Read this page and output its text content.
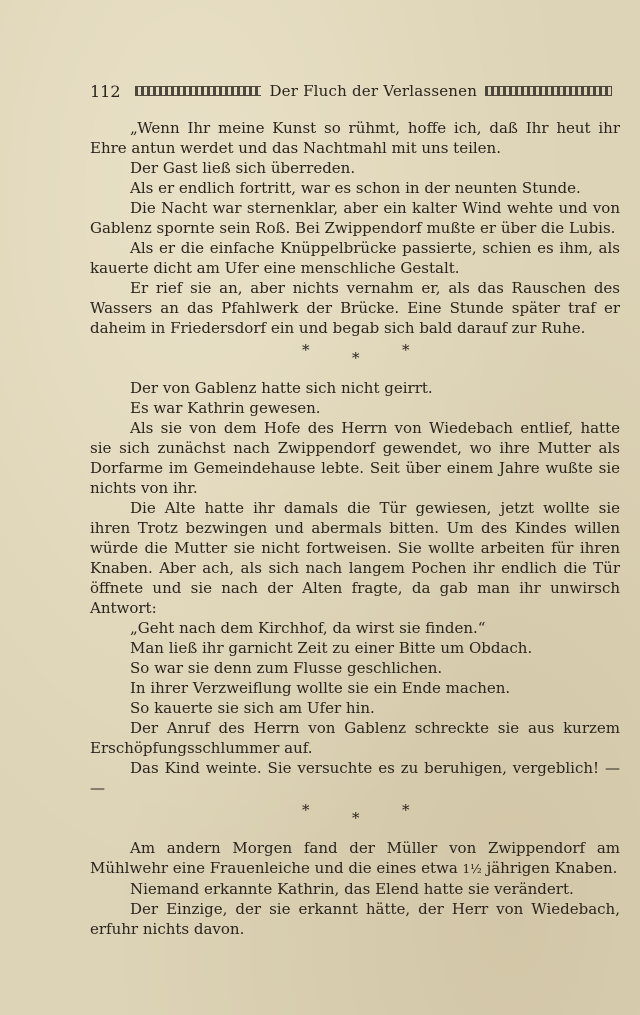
112	Der Fluch der Verlassenen

„Wenn Ihr meine Kunst so rühmt, hoffe ich, daß Ihr heut ihr Ehre antun werdet und das Nachtmahl mit uns teilen.

Der Gast ließ sich überreden.

Als er endlich fortritt, war es schon in der neunten Stunde.

Die Nacht war sternenklar, aber ein kalter Wind wehte und von Gablenz spornte sein Roß. Bei Zwippendorf mußte er über die Lubis.

Als er die einfache Knüppelbrücke passierte, schien es ihm, als kauerte dicht am Ufer eine menschliche Gestalt.

Er rief sie an, aber nichts vernahm er, als das Rauschen des Wassers an das Pfahlwerk der Brücke. Eine Stunde später traf er daheim in Friedersdorf ein und begab sich bald darauf zur Ruhe.

*	*	*

Der von Gablenz hatte sich nicht geirrt.

Es war Kathrin gewesen.

Als sie von dem Hofe des Herrn von Wiedebach entlief, hatte sie sich zunächst nach Zwippendorf gewendet, wo ihre Mutter als Dorfarme im Gemeindehause lebte. Seit über einem Jahre wußte sie nichts von ihr.

Die Alte hatte ihr damals die Tür gewiesen, jetzt wollte sie ihren Trotz bezwingen und abermals bitten. Um des Kindes willen würde die Mutter sie nicht fortweisen. Sie wollte arbeiten für ihren Knaben. Aber ach, als sich nach langem Pochen ihr endlich die Tür öffnete und sie nach der Alten fragte, da gab man ihr unwirsch Antwort:

„Geht nach dem Kirchhof, da wirst sie finden.“

Man ließ ihr garnicht Zeit zu einer Bitte um Obdach.

So war sie denn zum Flusse geschlichen.

In ihrer Verzweiflung wollte sie ein Ende machen.

So kauerte sie sich am Ufer hin.

Der Anruf des Herrn von Gablenz schreckte sie aus kurzem Erschöpfungsschlummer auf.

Das Kind weinte. Sie versuchte es zu beruhigen, vergeblich! — —

*	*	*

Am andern Morgen fand der Müller von Zwippendorf am Mühlwehr eine Frauenleiche und die eines etwa 1½ jährigen Knaben.

Niemand erkannte Kathrin, das Elend hatte sie verändert.

Der Einzige, der sie erkannt hätte, der Herr von Wiedebach, erfuhr nichts davon.
